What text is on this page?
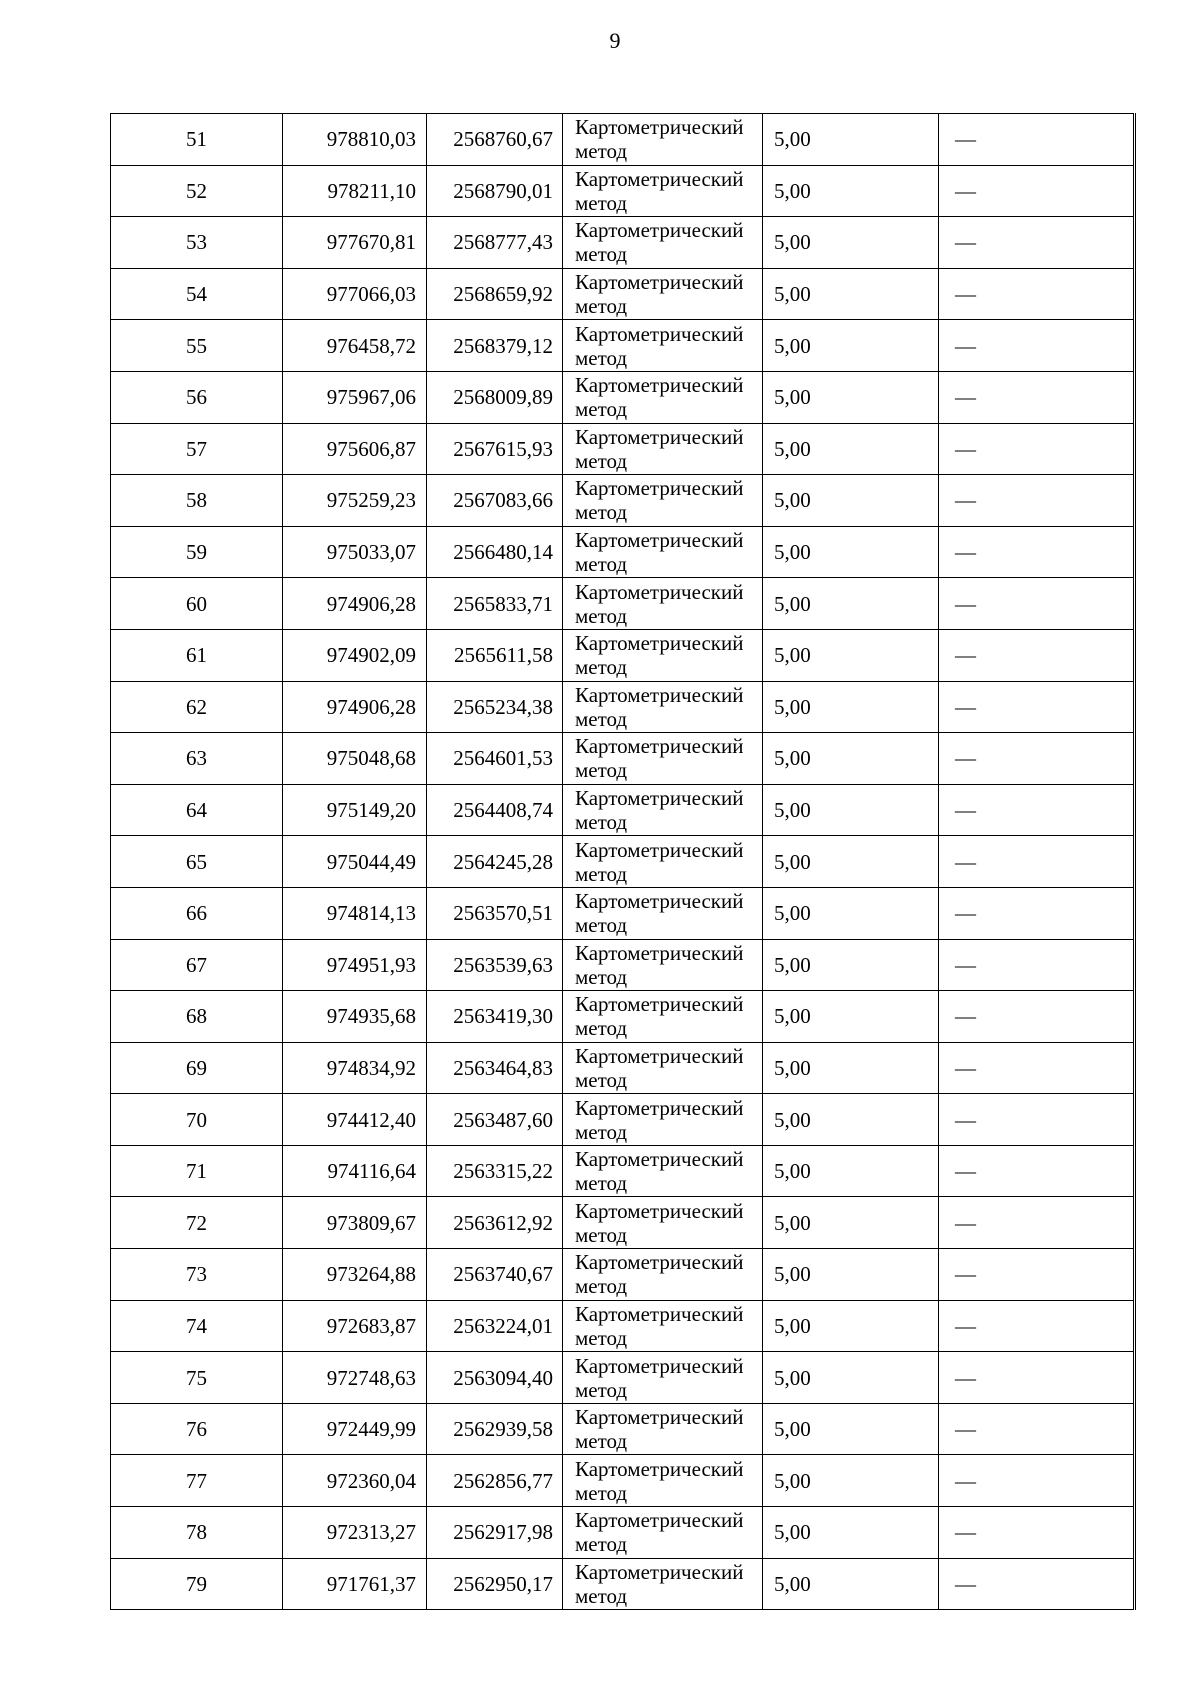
9
51	978810,03	2568760,67	Картометрический
метод	5,00	—
52	978211,10	2568790,01	Картометрический
метод	5,00	—
53	977670,81	2568777,43	Картометрический
метод	5,00	—
54	977066,03	2568659,92	Картометрический
метод	5,00	—
55	976458,72	2568379,12	Картометрический
метод	5,00	—
56	975967,06	2568009,89	Картометрический
метод	5,00	—
57	975606,87	2567615,93	Картометрический
метод	5,00	—
58	975259,23	2567083,66	Картометрический
метод	5,00	—
59	975033,07	2566480,14	Картометрический
метод	5,00	—
60	974906,28	2565833,71	Картометрический
метод	5,00	—
61	974902,09	2565611,58	Картометрический
метод	5,00	—
62	974906,28	2565234,38	Картометрический
метод	5,00	—
63	975048,68	2564601,53	Картометрический
метод	5,00	—
64	975149,20	2564408,74	Картометрический
метод	5,00	—
65	975044,49	2564245,28	Картометрический
метод	5,00	—
66	974814,13	2563570,51	Картометрический
метод	5,00	—
67	974951,93	2563539,63	Картометрический
метод	5,00	—
68	974935,68	2563419,30	Картометрический
метод	5,00	—
69	974834,92	2563464,83	Картометрический
метод	5,00	—
70	974412,40	2563487,60	Картометрический
метод	5,00	—
71	974116,64	2563315,22	Картометрический
метод	5,00	—
72	973809,67	2563612,92	Картометрический
метод	5,00	—
73	973264,88	2563740,67	Картометрический
метод	5,00	—
74	972683,87	2563224,01	Картометрический
метод	5,00	—
75	972748,63	2563094,40	Картометрический
метод	5,00	—
76	972449,99	2562939,58	Картометрический
метод	5,00	—
77	972360,04	2562856,77	Картометрический
метод	5,00	—
78	972313,27	2562917,98	Картометрический
метод	5,00	—
79	971761,37	2562950,17	Картометрический
метод	5,00	—
